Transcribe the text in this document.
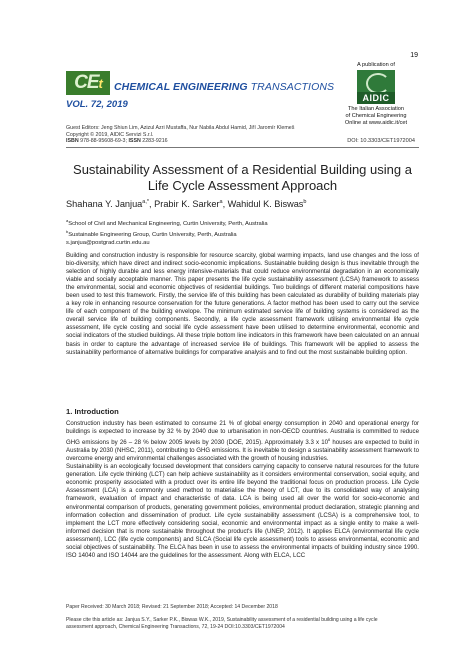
19
CEt	CHEMICAL ENGINEERING TRANSACTIONS
VOL. 72, 2019
A publication of
AIDIC
The Italian Association
of Chemical Engineering
Online at www.aidic.it/cet
Guest Editors: Jeng Shiun Lim, Azizul Azri Mustaffa, Nur Nabila Abdul Hamid, Jiří Jaromír Klemeš
Copyright © 2019, AIDIC Servizi S.r.l.
ISBN 978-88-95608-69-3; ISSN 2283-9216	DOI: 10.3303/CET1972004
Sustainability Assessment of a Residential Building using a
Life Cycle Assessment Approach
Shahana Y. Janjua$^{a,*}$, Prabir K. Sarker$^a$, Wahidul K. Biswas$^b$
$^a$School of Civil and Mechanical Engineering, Curtin University, Perth, Australia
$^b$Sustainable Engineering Group, Curtin University, Perth, Australia
s.janjua@postgrad.curtin.edu.au
Building and construction industry is responsible for resource scarcity, global warming impacts, land use changes and the loss of bio-diversity, which have direct and indirect socio-economic implications. Sustainable building design is thus inevitable through the selection of highly durable and less energy intensive-materials that could reduce environmental degradation in an economically viable and socially acceptable manner. This paper presents the life cycle sustainability assessment (LCSA) framework to assess the environmental, social and economic objectives of residential buildings. Two buildings of different material compositions have been used to test this framework. Firstly, the service life of this building has been calculated as durability of building materials play a key role in enhancing resource conservation for the future generations. A factor method has been used to carry out the service life of each component of the building envelope. The minimum estimated service life of building systems is considered as the overall service life of building components. Secondly, a life cycle assessment framework utilising environmental life cycle assessment, life cycle costing and social life cycle assessment have been utilised to determine environmental, economic and social indicators of the studied buildings. All these triple bottom line indicators in this framework have been calculated on an annual basis in order to capture the advantage of increased service life of buildings. This framework will be applied to assess the sustainability performance of alternative buildings for comparative analysis and to find out the most sustainable building option.
1. Introduction

Construction industry has been estimated to consume 21 % of global energy consumption in 2040 and operational energy for buildings is expected to increase by 32 % by 2040 due to urbanisation in non-OECD countries. Australia is committed to reduce GHG emissions by 26 – 28 % below 2005 levels by 2030 (DOE, 2015). Approximately 3.3 x $10^6$ houses are expected to build in Australia by 2030 (NHSC, 2011), contributing to GHG emissions. It is inevitable to design a sustainability assessment framework to overcome energy and environmental challenges associated with the growth of housing industries.

Sustainability is an ecologically focused development that considers carrying capacity to conserve natural resources for the future generation. Life cycle thinking (LCT) can help achieve sustainability as it considers environmental conservation, social equity, and economic prosperity associated with a product over its entire life beyond the traditional focus on production process. Life Cycle Assessment (LCA) is a commonly used method to materialise the theory of LCT, due to its consolidated way of analysing framework, evaluation of impact and characteristic of data. LCA is being used all over the world for socio-economic and environmental comparison of products, generating government policies, environmental product declaration, strategic planning and information collection and dissemination of product. Life cycle sustainability assessment (LCSA) is a comprehensive tool, to implement the LCT more effectively considering social, economic and environmental impact as a single entity to make a well-informed decision that is more sustainable throughout the product's life (UNEP, 2012). It applies ELCA (environmental life cycle assessment), LCC (life cycle components) and SLCA (Social life cycle assessment) tools to assess environmental, economic and social objectives of sustainability. The ELCA has been in use to assess the environmental impacts of building industry since 1990. ISO 14040 and ISO 14044 are the guidelines for the assessment. Along with ELCA, LCC

Paper Received: 30 March 2018; Revised: 21 September 2018; Accepted: 14 December 2018
Please cite this article as: Janjua S.Y., Sarker P.K., Biswas W.K., 2019, Sustainability assessment of a residential building using a life cycle
assessment approach, Chemical Engineering Transactions, 72, 19-24 DOI:10.3303/CET1972004
